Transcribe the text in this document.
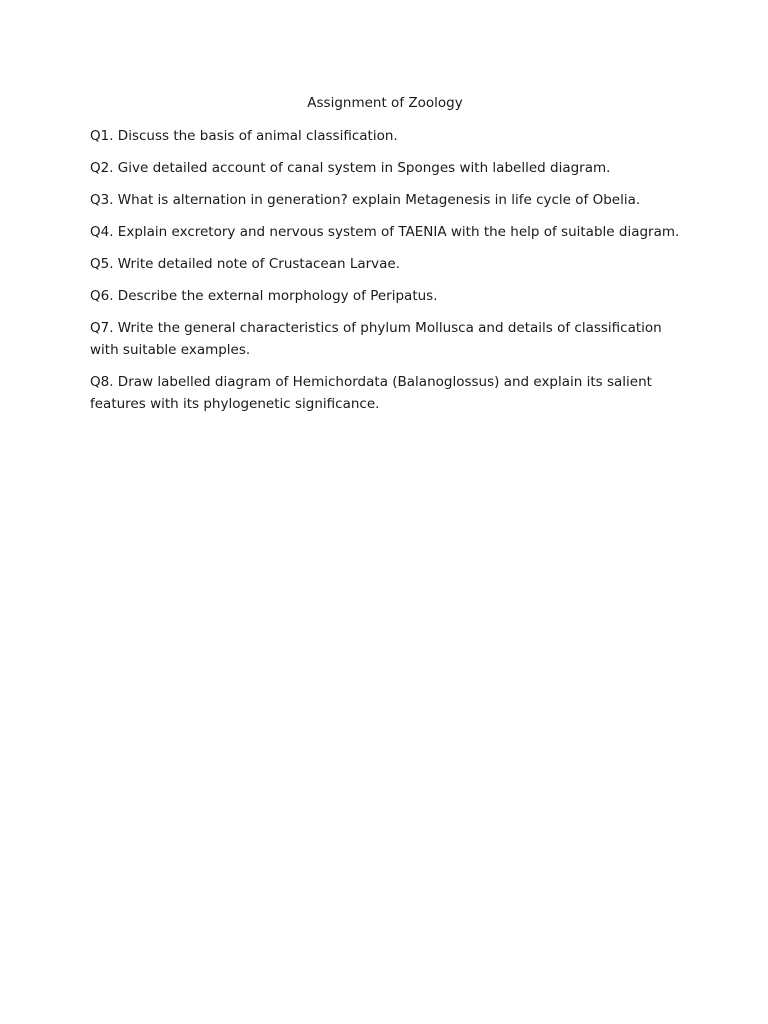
Assignment of Zoology
Q1. Discuss the basis of animal classification.
Q2. Give detailed account of canal system in Sponges with labelled diagram.
Q3. What is alternation in generation? explain Metagenesis in life cycle of Obelia.
Q4. Explain excretory and nervous system of TAENIA with the help of suitable diagram.
Q5. Write detailed note of Crustacean Larvae.
Q6. Describe the external morphology of Peripatus.
Q7. Write the general characteristics of phylum Mollusca and details of classification with suitable examples.
Q8. Draw labelled diagram of Hemichordata (Balanoglossus) and explain its salient features with its phylogenetic significance.
